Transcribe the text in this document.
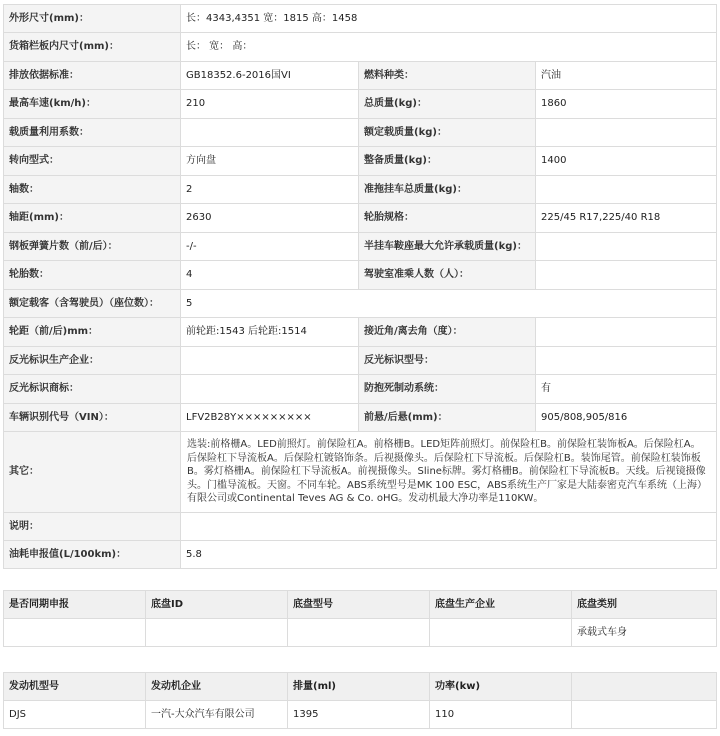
外形尺寸(mm)：	长：4343,4351 宽：1815 高：1458		
货箱栏板内尺寸(mm)：	长： 宽： 高：		
排放依据标准：	GB18352.6-2016国VI	燃料种类：	汽油
最高车速(km/h)：	210	总质量(kg)：	1860
载质量利用系数：		额定载质量(kg)：	
转向型式：	方向盘	整备质量(kg)：	1400
轴数：	2	准拖挂车总质量(kg)：	
轴距(mm)：	2630	轮胎规格：	225/45 R17,225/40 R18
钢板弹簧片数（前/后）：	-/-	半挂车鞍座最大允许承载质量(kg)：	
轮胎数：	4	驾驶室准乘人数（人）：	
额定载客（含驾驶员）（座位数）：	5		
轮距（前/后)mm：	前轮距:1543 后轮距:1514	接近角/离去角（度）：	
反光标识生产企业：		反光标识型号：	
反光标识商标：		防抱死制动系统：	有
车辆识别代号（VIN）：	LFV2B28Y×××××××××	前悬/后悬(mm)：	905/808,905/816
其它：	选装:前格栅A。LED前照灯。前保险杠A。前格栅B。LED矩阵前照灯。前保险杠B。前保险杠装饰板A。后保险杠A。后保险杠下导流板A。后保险杠镀铬饰条。后视摄像头。后保险杠下导流板。后保险杠B。装饰尾管。前保险杠装饰板B。雾灯格栅A。前保险杠下导流板A。前视摄像头。Sline标牌。雾灯格栅B。前保险杠下导流板B。天线。后视镜摄像头。门槛导流板。天窗。不同车轮。ABS系统型号是MK 100 ESC，ABS系统生产厂家是大陆泰密克汽车系统（上海）有限公司或Continental Teves AG & Co. oHG。发动机最大净功率是110KW。		
说明：			
油耗申报值(L/100km)：	5.8		
是否同期申报	底盘ID	底盘型号	底盘生产企业	底盘类别
				承载式车身
发动机型号	发动机企业	排量(ml)	功率(kw)	
DJS	一汽-大众汽车有限公司	1395	110	
